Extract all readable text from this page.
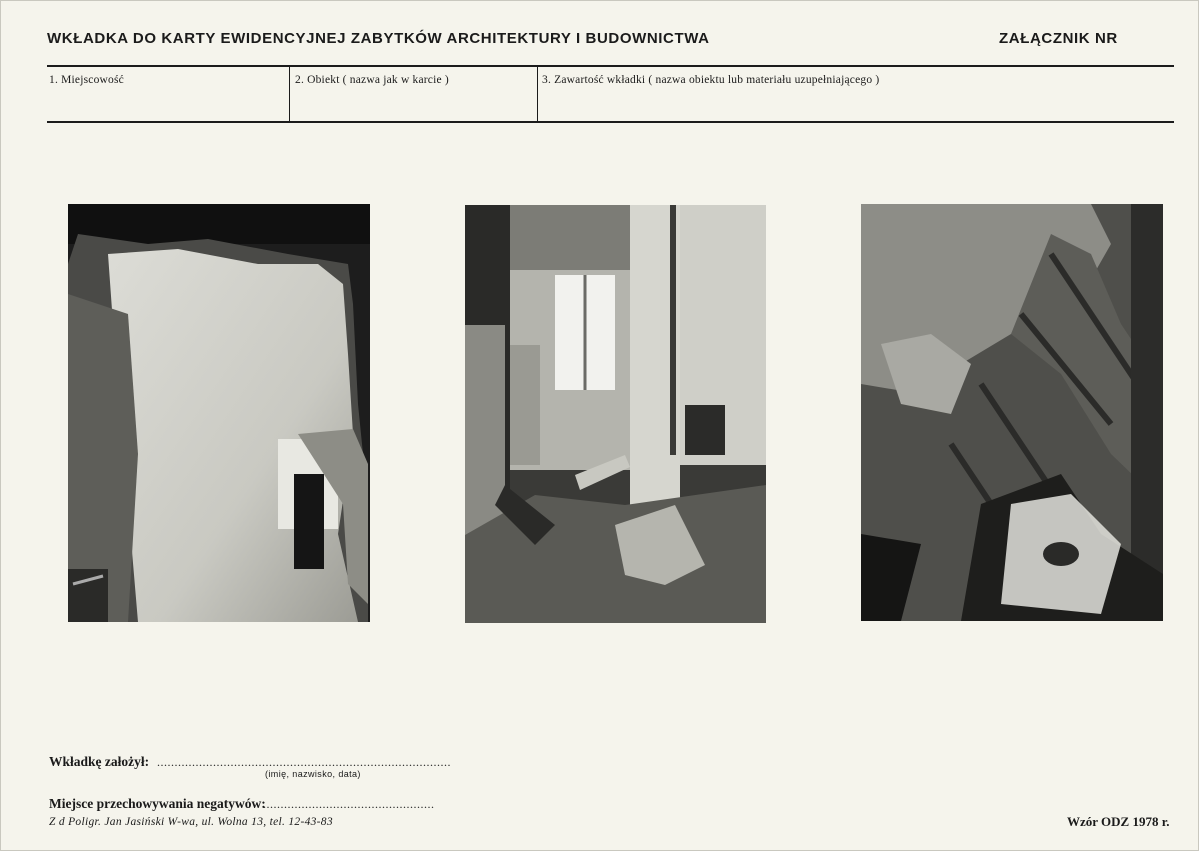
WKŁADKA DO KARTY EWIDENCYJNEJ ZABYTKÓW ARCHITEKTURY I BUDOWNICTWA	ZAŁĄCZNIK NR
1. Miejscowość	2. Obiekt ( nazwa jak w karcie )	3. Zawartość wkładki ( nazwa obiektu lub materiału uzupełniającego )
Wkładkę założył: ....................................................................................
(imię, nazwisko, data)
Miejsce przechowywania negatywów:
.................................................
Z d Poligr. Jan Jasiński W-wa, ul. Wolna 13, tel. 12-43-83	Wzór ODZ 1978 r.
